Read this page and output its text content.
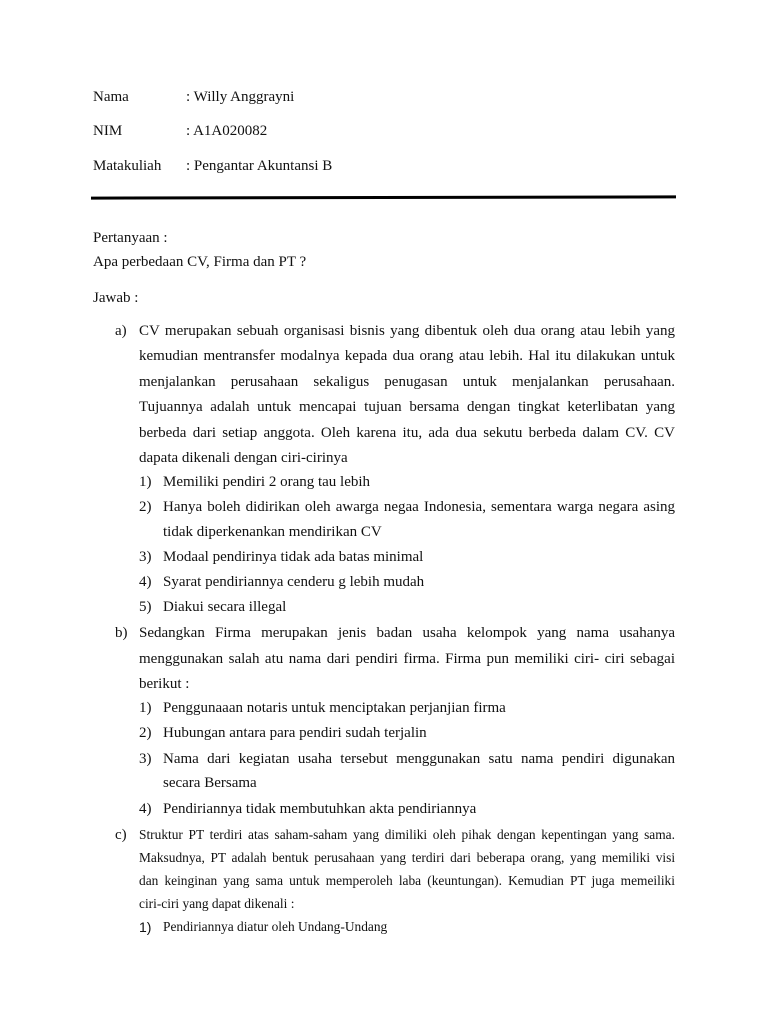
Nama	: Willy Anggrayni
NIM	: A1A020082
Matakuliah : Pengantar Akuntansi B
Pertanyaan :
Apa perbedaan CV, Firma dan PT ?
Jawab :
a) CV merupakan sebuah organisasi bisnis yang dibentuk oleh dua orang atau lebih yang
kemudian mentransfer modalnya kepada dua orang atau lebih. Hal itu dilakukan untuk
menjalankan perusahaan sekaligus penugasan untuk menjalankan perusahaan.
Tujuannya adalah untuk mencapai tujuan bersama dengan tingkat keterlibatan yang
berbeda dari setiap anggota. Oleh karena itu, ada dua sekutu berbeda dalam CV. CV
dapata dikenali dengan ciri-cirinya
1) Memiliki pendiri 2 orang tau lebih
2) Hanya boleh didirikan oleh awarga negaa Indonesia, sementara warga negara asing
tidak diperkenankan mendirikan CV
3) Modaal pendirinya tidak ada batas minimal
4) Syarat pendiriannya cenderu g lebih mudah
5) Diakui secara illegal
b) Sedangkan Firma merupakan jenis badan usaha kelompok yang nama usahanya
menggunakan salah atu nama dari pendiri firma. Firma pun memiliki ciri- ciri sebagai
berikut :
1) Penggunaaan notaris untuk menciptakan perjanjian firma
2) Hubungan antara para pendiri sudah terjalin
3) Nama dari kegiatan usaha tersebut menggunakan satu nama pendiri digunakan
secara Bersama
4) Pendiriannya tidak membutuhkan akta pendiriannya
c) Struktur PT terdiri atas saham-saham yang dimiliki oleh pihak dengan kepentingan yang sama.
Maksudnya, PT adalah bentuk perusahaan yang terdiri dari beberapa orang, yang memiliki visi
dan keinginan yang sama untuk memperoleh laba (keuntungan). Kemudian PT juga memeiliki
ciri-ciri yang dapat dikenali :
1) Pendiriannya diatur oleh Undang-Undang
